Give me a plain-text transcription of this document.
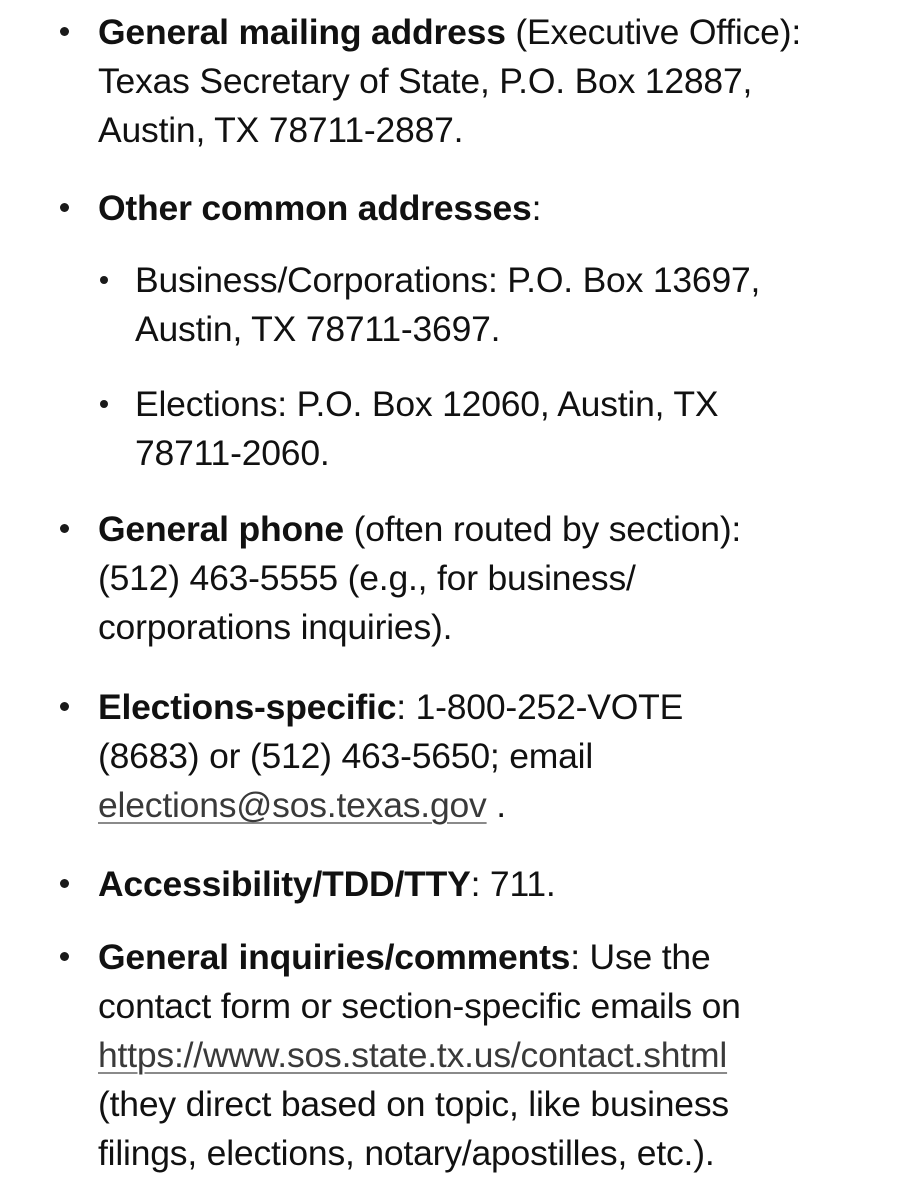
General mailing address (Executive Office):
Texas Secretary of State, P.O. Box 12887,
Austin, TX 78711-2887.
Other common addresses:
Business/Corporations: P.O. Box 13697,
Austin, TX 78711-3697.
Elections: P.O. Box 12060, Austin, TX
78711-2060.
General phone (often routed by section):
(512) 463-5555 (e.g., for business/
corporations inquiries).
Elections-specific: 1-800-252-VOTE
(8683) or (512) 463-5650; email
elections@sos.texas.gov .
Accessibility/TDD/TTY: 711.
General inquiries/comments: Use the
contact form or section-specific emails on
https://www.sos.state.tx.us/contact.shtml
(they direct based on topic, like business
filings, elections, notary/apostilles, etc.).
